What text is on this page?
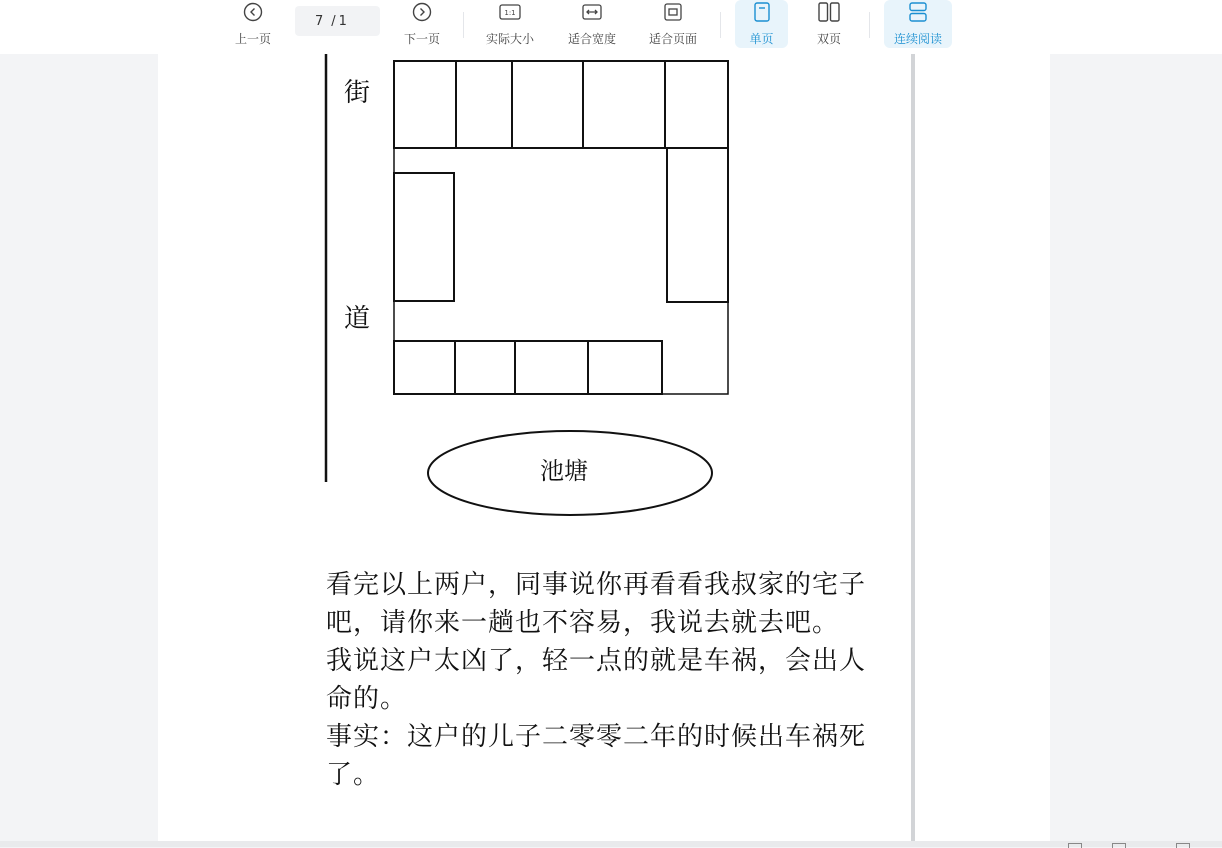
上一页
7 / 1
下一页
1:1
实际大小	适合宽度	适合页面	单页	双页	连续阅读
街
道
池塘

看完以上两户，同事说你再看看我叔家的宅子吧，请你来一趟也不容易，我说去就去吧。

我说这户太凶了，轻一点的就是车祸，会出人命的。

事实：这户的儿子二零零二年的时候出车祸死了。
